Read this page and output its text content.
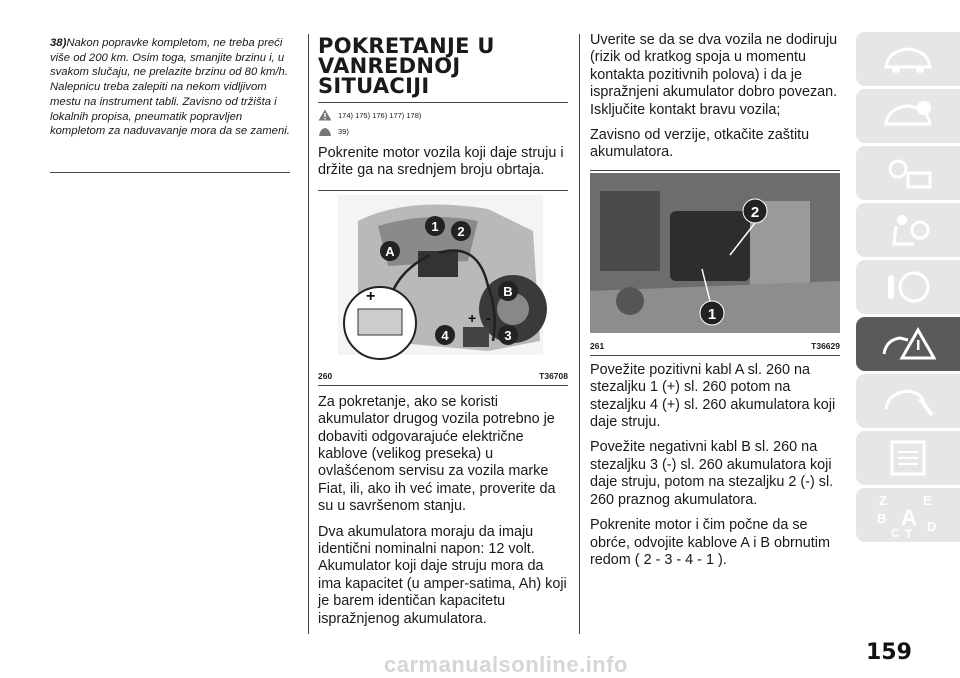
38)Nakon popravke kompletom, ne treba preći više od 200 km. Osim toga, smanjite brzinu i, u svakom slučaju, ne prelazite brzinu od 80 km/h. Nalepnicu treba zalepiti na nekom vidljivom mestu na instrument tabli. Zavisno od tržišta i lokalnih propisa, pneumatik popravljen kompletom za naduvavanje mora da se zameni.

POKRETANJE U
VANREDNOJ
SITUACIJI
174) 175) 176) 177) 178)
39)

Pokrenite motor vozila koji daje struju i držite ga na srednjem broju obrtaja.

1 2
A
B
4	3
+
+ -
260	T36708

Za pokretanje, ako se koristi akumulator drugog vozila potrebno je dobaviti odgovarajuće električne kablove (velikog preseka) u ovlašćenom servisu za vozila marke Fiat, ili, ako ih već imate, proverite da su u savršenom stanju.

Dva akumulatora moraju da imaju identični nominalni napon: 12 volt. Akumulator koji daje struju mora da ima kapacitet (u amper-satima, Ah) koji je barem identičan kapacitetu ispražnjenog akumulatora.

Uverite se da se dva vozila ne dodiruju (rizik od kratkog spoja u momentu kontakta pozitivnih polova) i da je ispražnjeni akumulator dobro povezan. Isključite kontakt bravu vozila;

Zavisno od verzije, otkačite zaštitu akumulatora.

2
1
261	T36629

Povežite pozitivni kabl A sl. 260 na stezaljku 1 (+) sl. 260 potom na stezaljku 4 (+) sl. 260 akumulatora koji daje struju.

Povežite negativni kabl B sl. 260 na stezaljku 3 (-) sl. 260 akumulatora koji daje struju, potom na stezaljku 2 (-) sl. 260 praznog akumulatora.

Pokrenite motor i čim počne da se obrće, odvojite kablove A i B obrnutim redom ( 2 - 3 - 4 - 1 ).

Z	E
B A
C T D
159
carmanualsonline.info
